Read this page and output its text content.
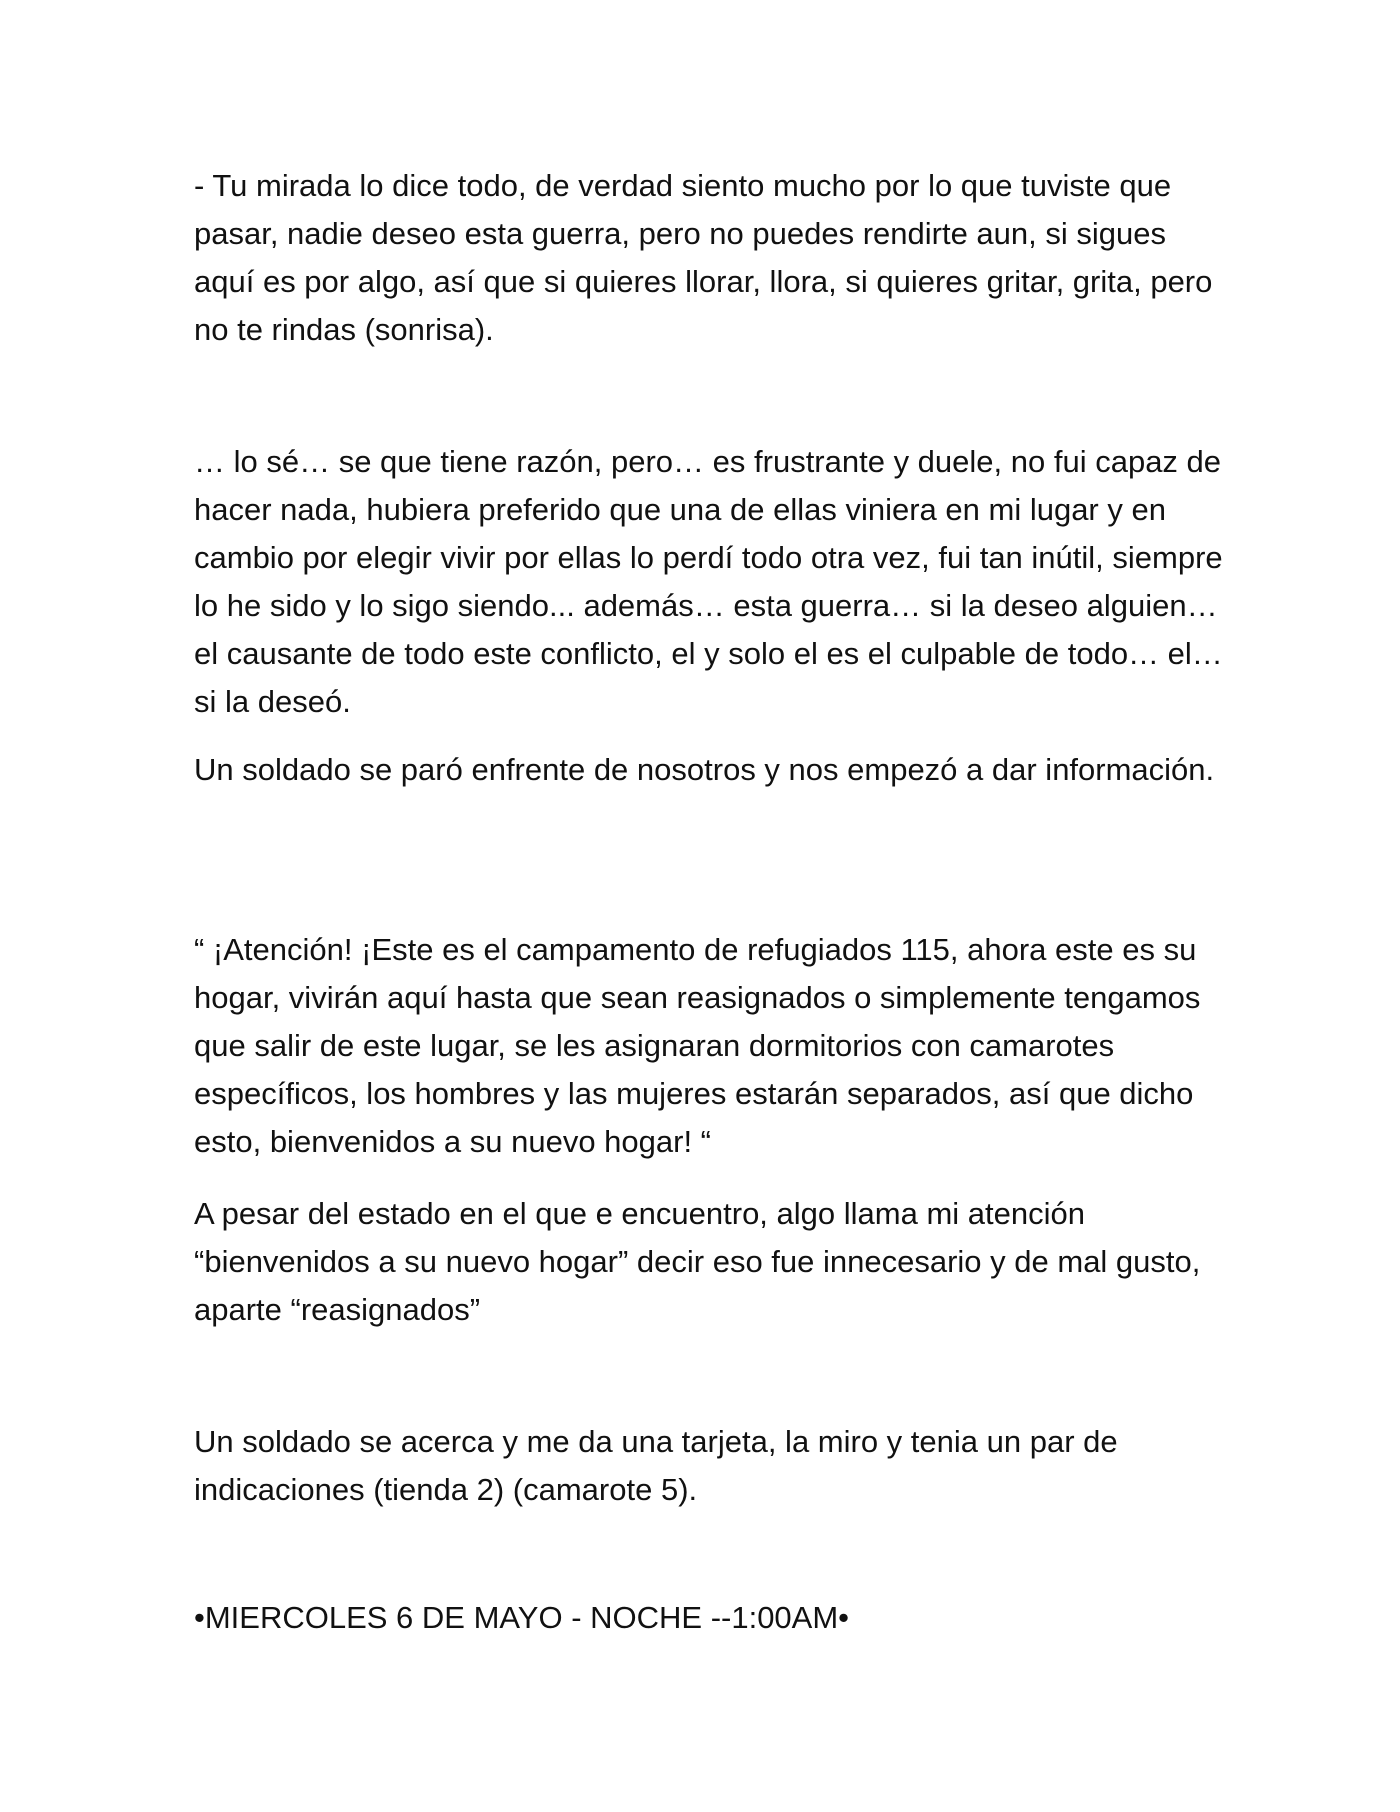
- Tu mirada lo dice todo, de verdad siento mucho por lo que tuviste que pasar, nadie deseo esta guerra, pero no puedes rendirte aun, si sigues aquí es por algo, así que si quieres llorar, llora, si quieres gritar, grita, pero no te rindas (sonrisa).

… lo sé… se que tiene razón, pero… es frustrante y duele, no fui capaz de hacer nada, hubiera preferido que una de ellas viniera en mi lugar y en cambio por elegir vivir por ellas lo perdí todo otra vez, fui tan inútil, siempre lo he sido y lo sigo siendo... además… esta guerra… si la deseo alguien… el causante de todo este conflicto, el y solo el es el culpable de todo… el… si la deseó.

Un soldado se paró enfrente de nosotros y nos empezó a dar información.

“ ¡Atención! ¡Este es el campamento de refugiados 115, ahora este es su hogar, vivirán aquí hasta que sean reasignados o simplemente tengamos que salir de este lugar, se les asignaran dormitorios con camarotes específicos, los hombres y las mujeres estarán separados, así que dicho esto, bienvenidos a su nuevo hogar! “

A pesar del estado en el que e encuentro, algo llama mi atención “bienvenidos a su nuevo hogar” decir eso fue innecesario y de mal gusto, aparte “reasignados”

Un soldado se acerca y me da una tarjeta, la miro y tenia un par de indicaciones (tienda 2) (camarote 5).

•MIERCOLES 6 DE MAYO - NOCHE --1:00AM•
